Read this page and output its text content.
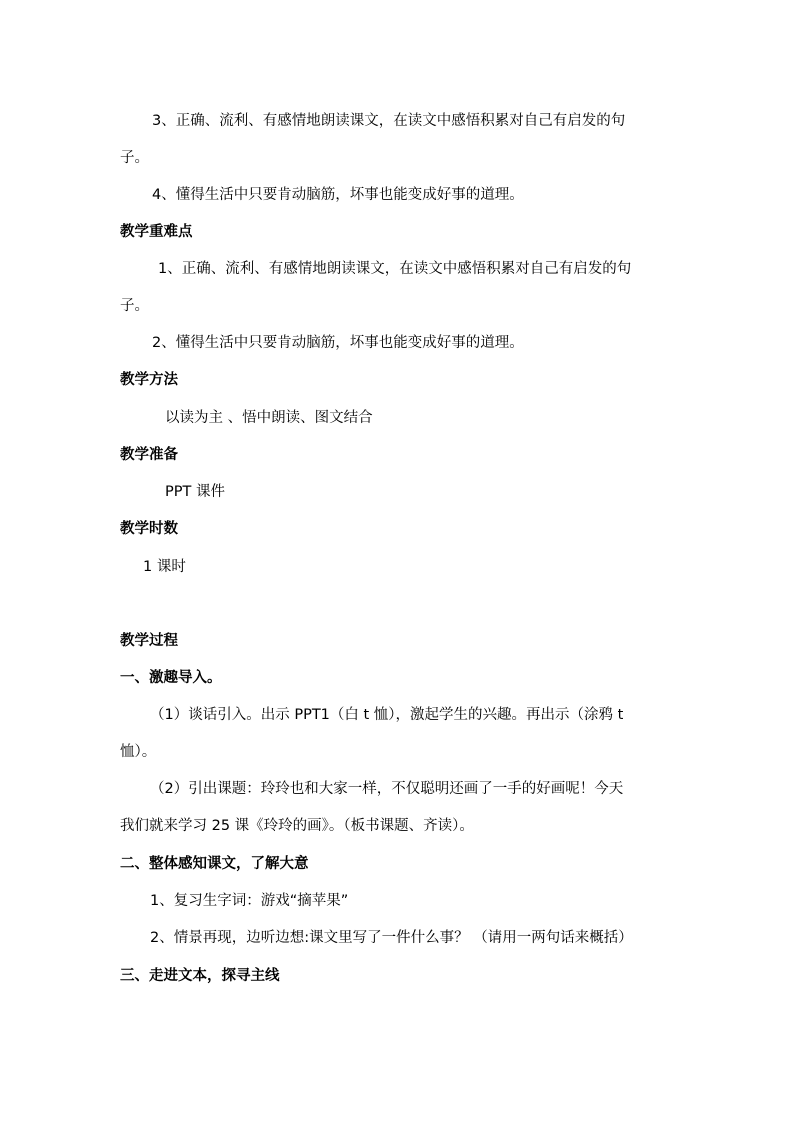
3、正确、流利、有感情地朗读课文，在读文中感悟积累对自己有启发的句

子。

4、懂得生活中只要肯动脑筋，坏事也能变成好事的道理。

教学重难点

1、正确、流利、有感情地朗读课文，在读文中感悟积累对自己有启发的句

子。

2、懂得生活中只要肯动脑筋，坏事也能变成好事的道理。

教学方法

以读为主 、悟中朗读、图文结合

教学准备

PPT 课件

教学时数

1 课时

教学过程

一、激趣导入。

（1）谈话引入。出示 PPT1（白 t 恤），激起学生的兴趣。再出示（涂鸦 t

恤）。

（2）引出课题：玲玲也和大家一样，不仅聪明还画了一手的好画呢！今天

我们就来学习 25 课《玲玲的画》。（板书课题、齐读）。

二、整体感知课文，了解大意

1、复习生字词：游戏“摘苹果”

2、情景再现，边听边想:课文里写了一件什么事？ （请用一两句话来概括）

三、走进文本，探寻主线
